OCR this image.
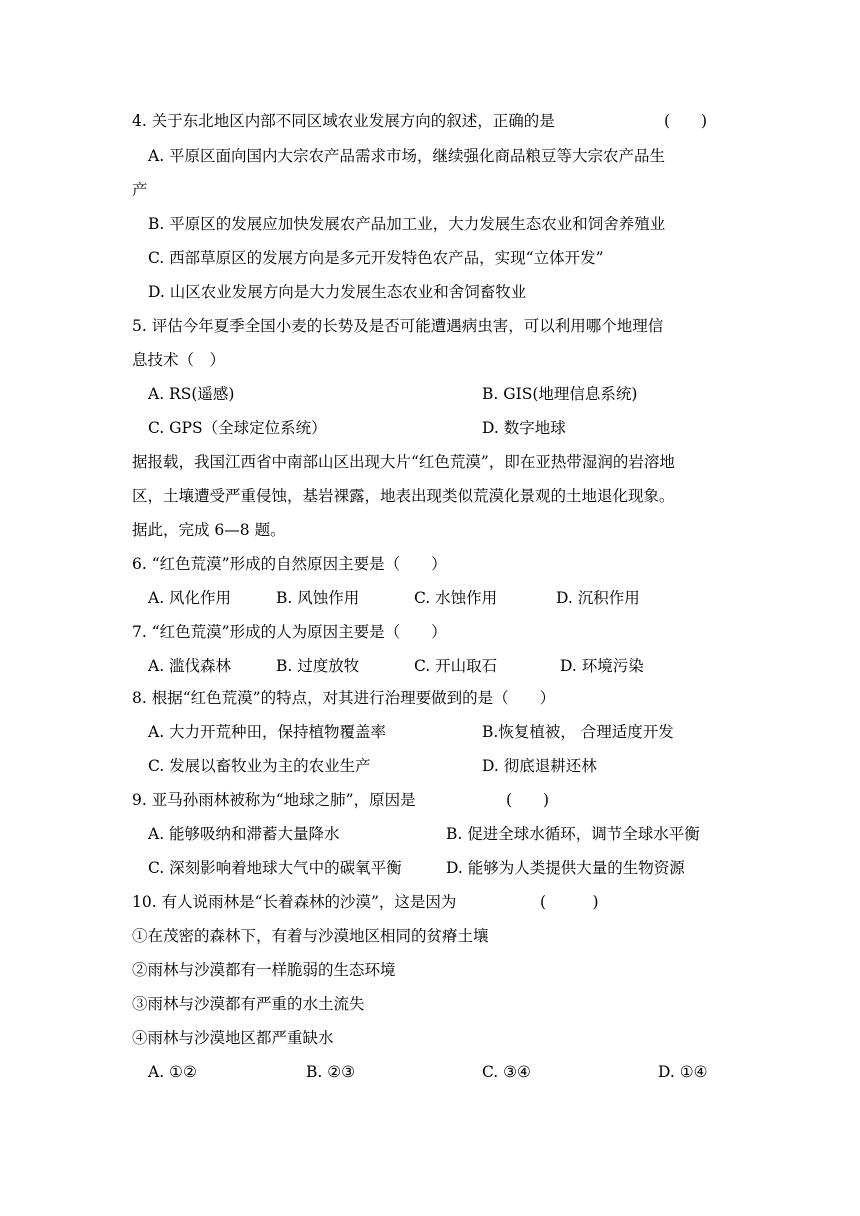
4. 关于东北地区内部不同区域农业发展方向的叙述，正确的是	(　　)
A. 平原区面向国内大宗农产品需求市场，继续强化商品粮豆等大宗农产品生
产
B. 平原区的发展应加快发展农产品加工业，大力发展生态农业和饲舍养殖业
C. 西部草原区的发展方向是多元开发特色农产品，实现“立体开发”
D. 山区农业发展方向是大力发展生态农业和舍饲畜牧业
5. 评估今年夏季全国小麦的长势及是否可能遭遇病虫害，可以利用哪个地理信
息技术（　）
A. RS(遥感)	B. GIS(地理信息系统)
C. GPS（全球定位系统）	D. 数字地球
据报载，我国江西省中南部山区出现大片“红色荒漠”，即在亚热带湿润的岩溶地
区，土壤遭受严重侵蚀，基岩裸露，地表出现类似荒漠化景观的土地退化现象。
据此，完成 6—8 题。
6. “红色荒漠”形成的自然原因主要是（　　）
A. 风化作用	B. 风蚀作用	C. 水蚀作用	D. 沉积作用
7. “红色荒漠”形成的人为原因主要是（　　）
A. 滥伐森林	B. 过度放牧	C. 开山取石	D. 环境污染
8. 根据“红色荒漠”的特点，对其进行治理要做到的是（　　）
A. 大力开荒种田，保持植物覆盖率	B.恢复植被， 合理适度开发
C. 发展以畜牧业为主的农业生产	D. 彻底退耕还林
9. 亚马孙雨林被称为“地球之肺”，原因是	(　　)
A. 能够吸纳和滞蓄大量降水	B. 促进全球水循环，调节全球水平衡
C. 深刻影响着地球大气中的碳氧平衡	D. 能够为人类提供大量的生物资源
10. 有人说雨林是“长着森林的沙漠”，这是因为	(　　　)
①在茂密的森林下，有着与沙漠地区相同的贫瘠土壤
②雨林与沙漠都有一样脆弱的生态环境
③雨林与沙漠都有严重的水土流失
④雨林与沙漠地区都严重缺水
A. ①②	B. ②③	C. ③④	D. ①④
